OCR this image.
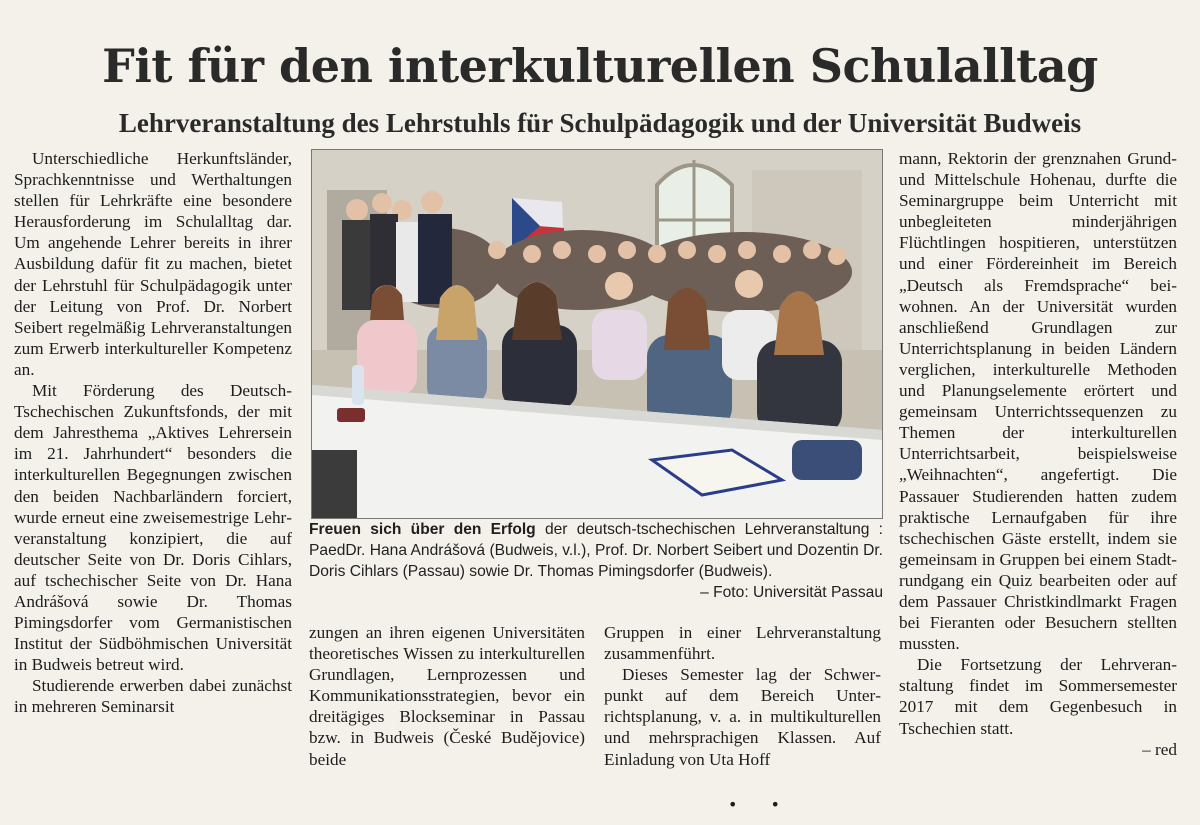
Fit für den interkulturellen Schulalltag
Lehrveranstaltung des Lehrstuhls für Schulpädagogik und der Universität Budweis

Unterschiedliche Herkunftsländer, Sprachkenntnisse und Werthaltungen stellen für Lehrkräfte eine besondere Herausforderung im Schulalltag dar. Um angehende Lehrer bereits in ihrer Ausbildung dafür fit zu machen, bietet der Lehrstuhl für Schulpädagogik unter der Leitung von Prof. Dr. Norbert Seibert regelmäßig Lehrveranstaltungen zum Erwerb interkultureller Kompetenz an.

Mit Förderung des Deutsch-Tschechischen Zukunftsfonds, der mit dem Jahresthema „Aktives Lehrersein im 21. Jahrhundert“ besonders die interkulturellen Begegnungen zwischen den beiden Nachbarländern forciert, wurde erneut eine zweisemestrige Lehrveranstaltung konzipiert, die auf deutscher Seite von Dr. Doris Cihlars, auf tschechischer Seite von Dr. Hana Andrášová sowie Dr. Thomas Pimingsdorfer vom Germanistischen Institut der Südböhmischen Universität in Budweis betreut wird.

Studierende erwerben dabei zunächst in mehreren Seminarsit

Freuen sich über den Erfolg der deutsch-tschechischen Lehrveranstaltung : PaedDr. Hana Andrášová (Budweis, v.l.), Prof. Dr. Norbert Seibert und Dozentin Dr. Doris Cihlars (Passau) sowie Dr. Thomas Pimingsdorfer (Budweis).
– Foto: Universität Passau

zungen an ihren eigenen Universitäten theoretisches Wissen zu interkulturellen Grundlagen, Lernprozessen und Kommunikationsstrategien, bevor ein dreitägiges Blockseminar in Passau bzw. in Budweis (České Budějovice) beide

Gruppen in einer Lehrveranstaltung zusammenführt.

Dieses Semester lag der Schwerpunkt auf dem Bereich Unterrichtsplanung, v. a. in multikulturellen und mehrsprachigen Klassen. Auf Einladung von Uta Hoff

mann, Rektorin der grenznahen Grund- und Mittelschule Hohenau, durfte die Seminargruppe beim Unterricht mit unbegleiteten minderjährigen Flüchtlingen hospitieren, unterstützen und einer Fördereinheit im Bereich „Deutsch als Fremdsprache“ beiwohnen. An der Universität wurden anschließend Grundlagen zur Unterrichtsplanung in beiden Ländern verglichen, interkulturelle Methoden und Planungselemente erörtert und gemeinsam Unterrichtssequenzen zu Themen der interkulturellen Unterrichtsarbeit, beispielsweise „Weihnachten“, angefertigt. Die Passauer Studierenden hatten zudem praktische Lernaufgaben für ihre tschechischen Gäste erstellt, indem sie gemeinsam in Gruppen bei einem Stadtrundgang ein Quiz bearbeiten oder auf dem Passauer Christkindlmarkt Fragen bei Fieranten oder Besuchern stellten mussten.

Die Fortsetzung der Lehrveranstaltung findet im Sommersemester 2017 mit dem Gegenbesuch in Tschechien statt.

– red
• •
